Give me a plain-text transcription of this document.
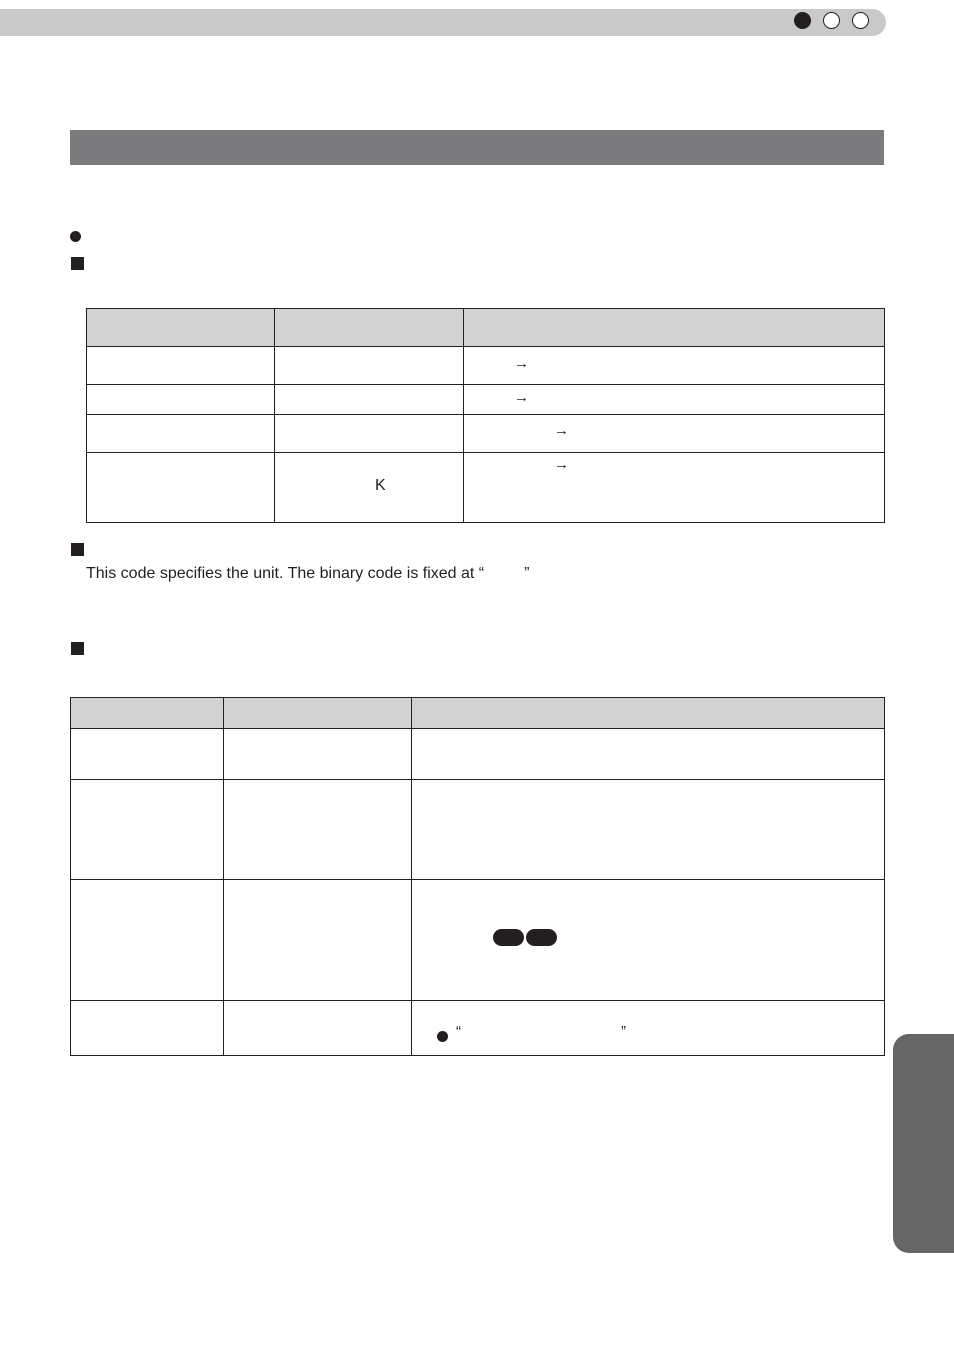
		→

		→

		→

	K	→
This code specifies the unit. The binary code is fixed at “	”

		“ ”
